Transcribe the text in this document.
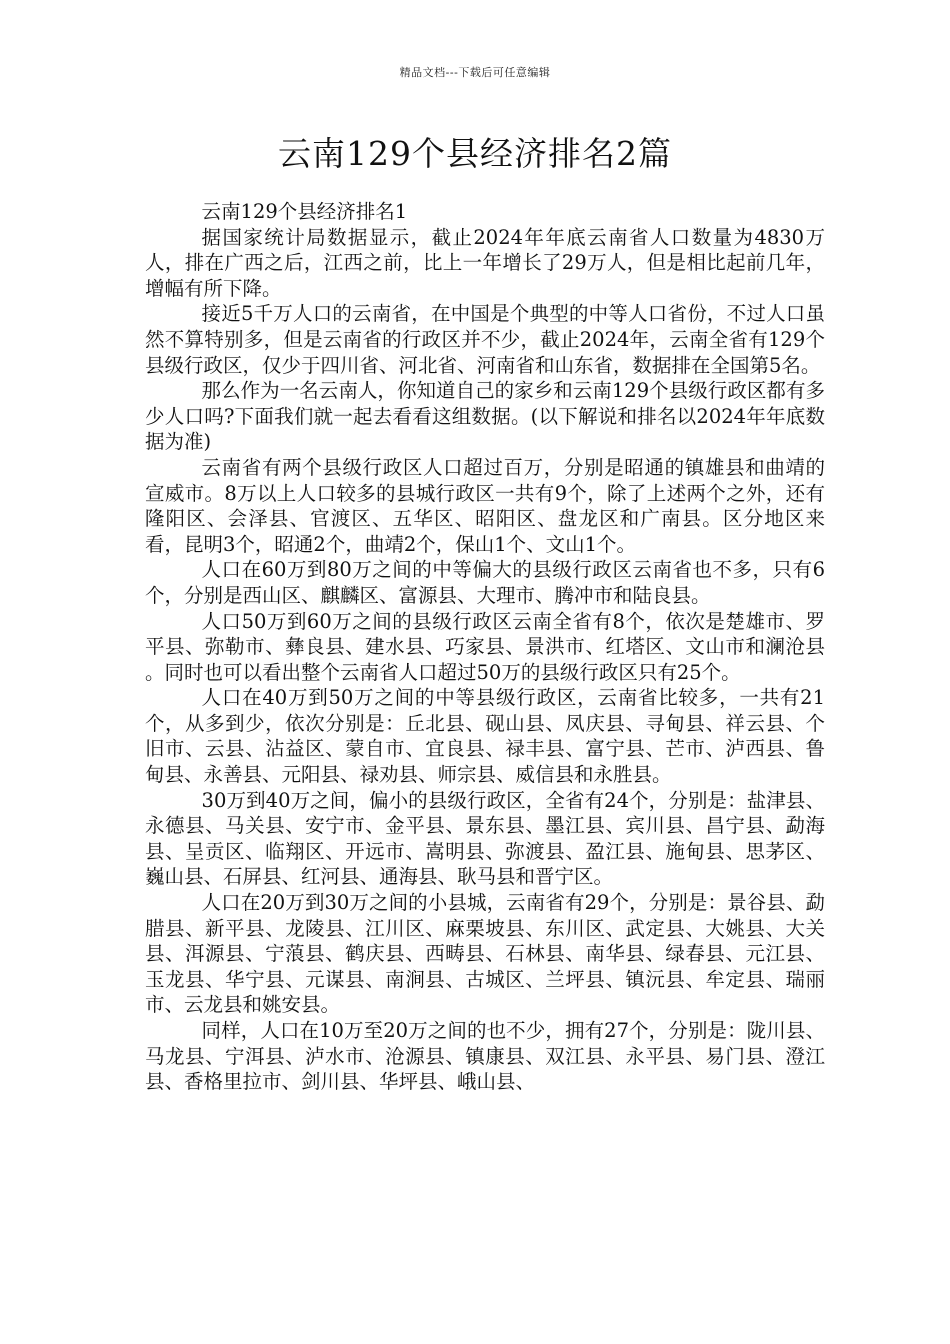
精品文档---下载后可任意编辑
云南129个县经济排名2篇

云南129个县经济排名1

据国家统计局数据显示，截止2024年年底云南省人口数量为4830万人，排在广西之后，江西之前，比上一年增长了29万人，但是相比起前几年，增幅有所下降。

接近5千万人口的云南省，在中国是个典型的中等人口省份，不过人口虽然不算特别多，但是云南省的行政区并不少，截止2024年，云南全省有129个县级行政区，仅少于四川省、河北省、河南省和山东省，数据排在全国第5名。

那么作为一名云南人，你知道自己的家乡和云南129个县级行政区都有多少人口吗?下面我们就一起去看看这组数据。(以下解说和排名以2024年年底数据为准)

云南省有两个县级行政区人口超过百万，分别是昭通的镇雄县和曲靖的宣威市。8万以上人口较多的县城行政区一共有9个，除了上述两个之外，还有隆阳区、会泽县、官渡区、五华区、昭阳区、盘龙区和广南县。区分地区来看，昆明3个，昭通2个，曲靖2个，保山1个、文山1个。

人口在60万到80万之间的中等偏大的县级行政区云南省也不多，只有6个，分别是西山区、麒麟区、富源县、大理市、腾冲市和陆良县。

人口50万到60万之间的县级行政区云南全省有8个，依次是楚雄市、罗平县、弥勒市、彝良县、建水县、巧家县、景洪市、红塔区、文山市和澜沧县 。同时也可以看出整个云南省人口超过50万的县级行政区只有25个。

人口在40万到50万之间的中等县级行政区，云南省比较多，一共有21个，从多到少，依次分别是：丘北县、砚山县、凤庆县、寻甸县、祥云县、个旧市、云县、沾益区、蒙自市、宜良县、禄丰县、富宁县、芒市、泸西县、鲁甸县、永善县、元阳县、禄劝县、师宗县、威信县和永胜县。

30万到40万之间，偏小的县级行政区，全省有24个，分别是：盐津县、永德县、马关县、安宁市、金平县、景东县、墨江县、宾川县、昌宁县、勐海县、呈贡区、临翔区、开远市、嵩明县、弥渡县、盈江县、施甸县、思茅区、巍山县、石屏县、红河县、通海县、耿马县和晋宁区。

人口在20万到30万之间的小县城，云南省有29个，分别是：景谷县、勐腊县、新平县、龙陵县、江川区、麻栗坡县、东川区、武定县、大姚县、大关县、洱源县、宁蒗县、鹤庆县、西畴县、石林县、南华县、绿春县、元江县、玉龙县、华宁县、元谋县、南涧县、古城区、兰坪县、镇沅县、牟定县、瑞丽市、云龙县和姚安县。

同样，人口在10万至20万之间的也不少，拥有27个，分别是：陇川县、马龙县、宁洱县、泸水市、沧源县、镇康县、双江县、永平县、易门县、澄江县、香格里拉市、剑川县、华坪县、峨山县、
